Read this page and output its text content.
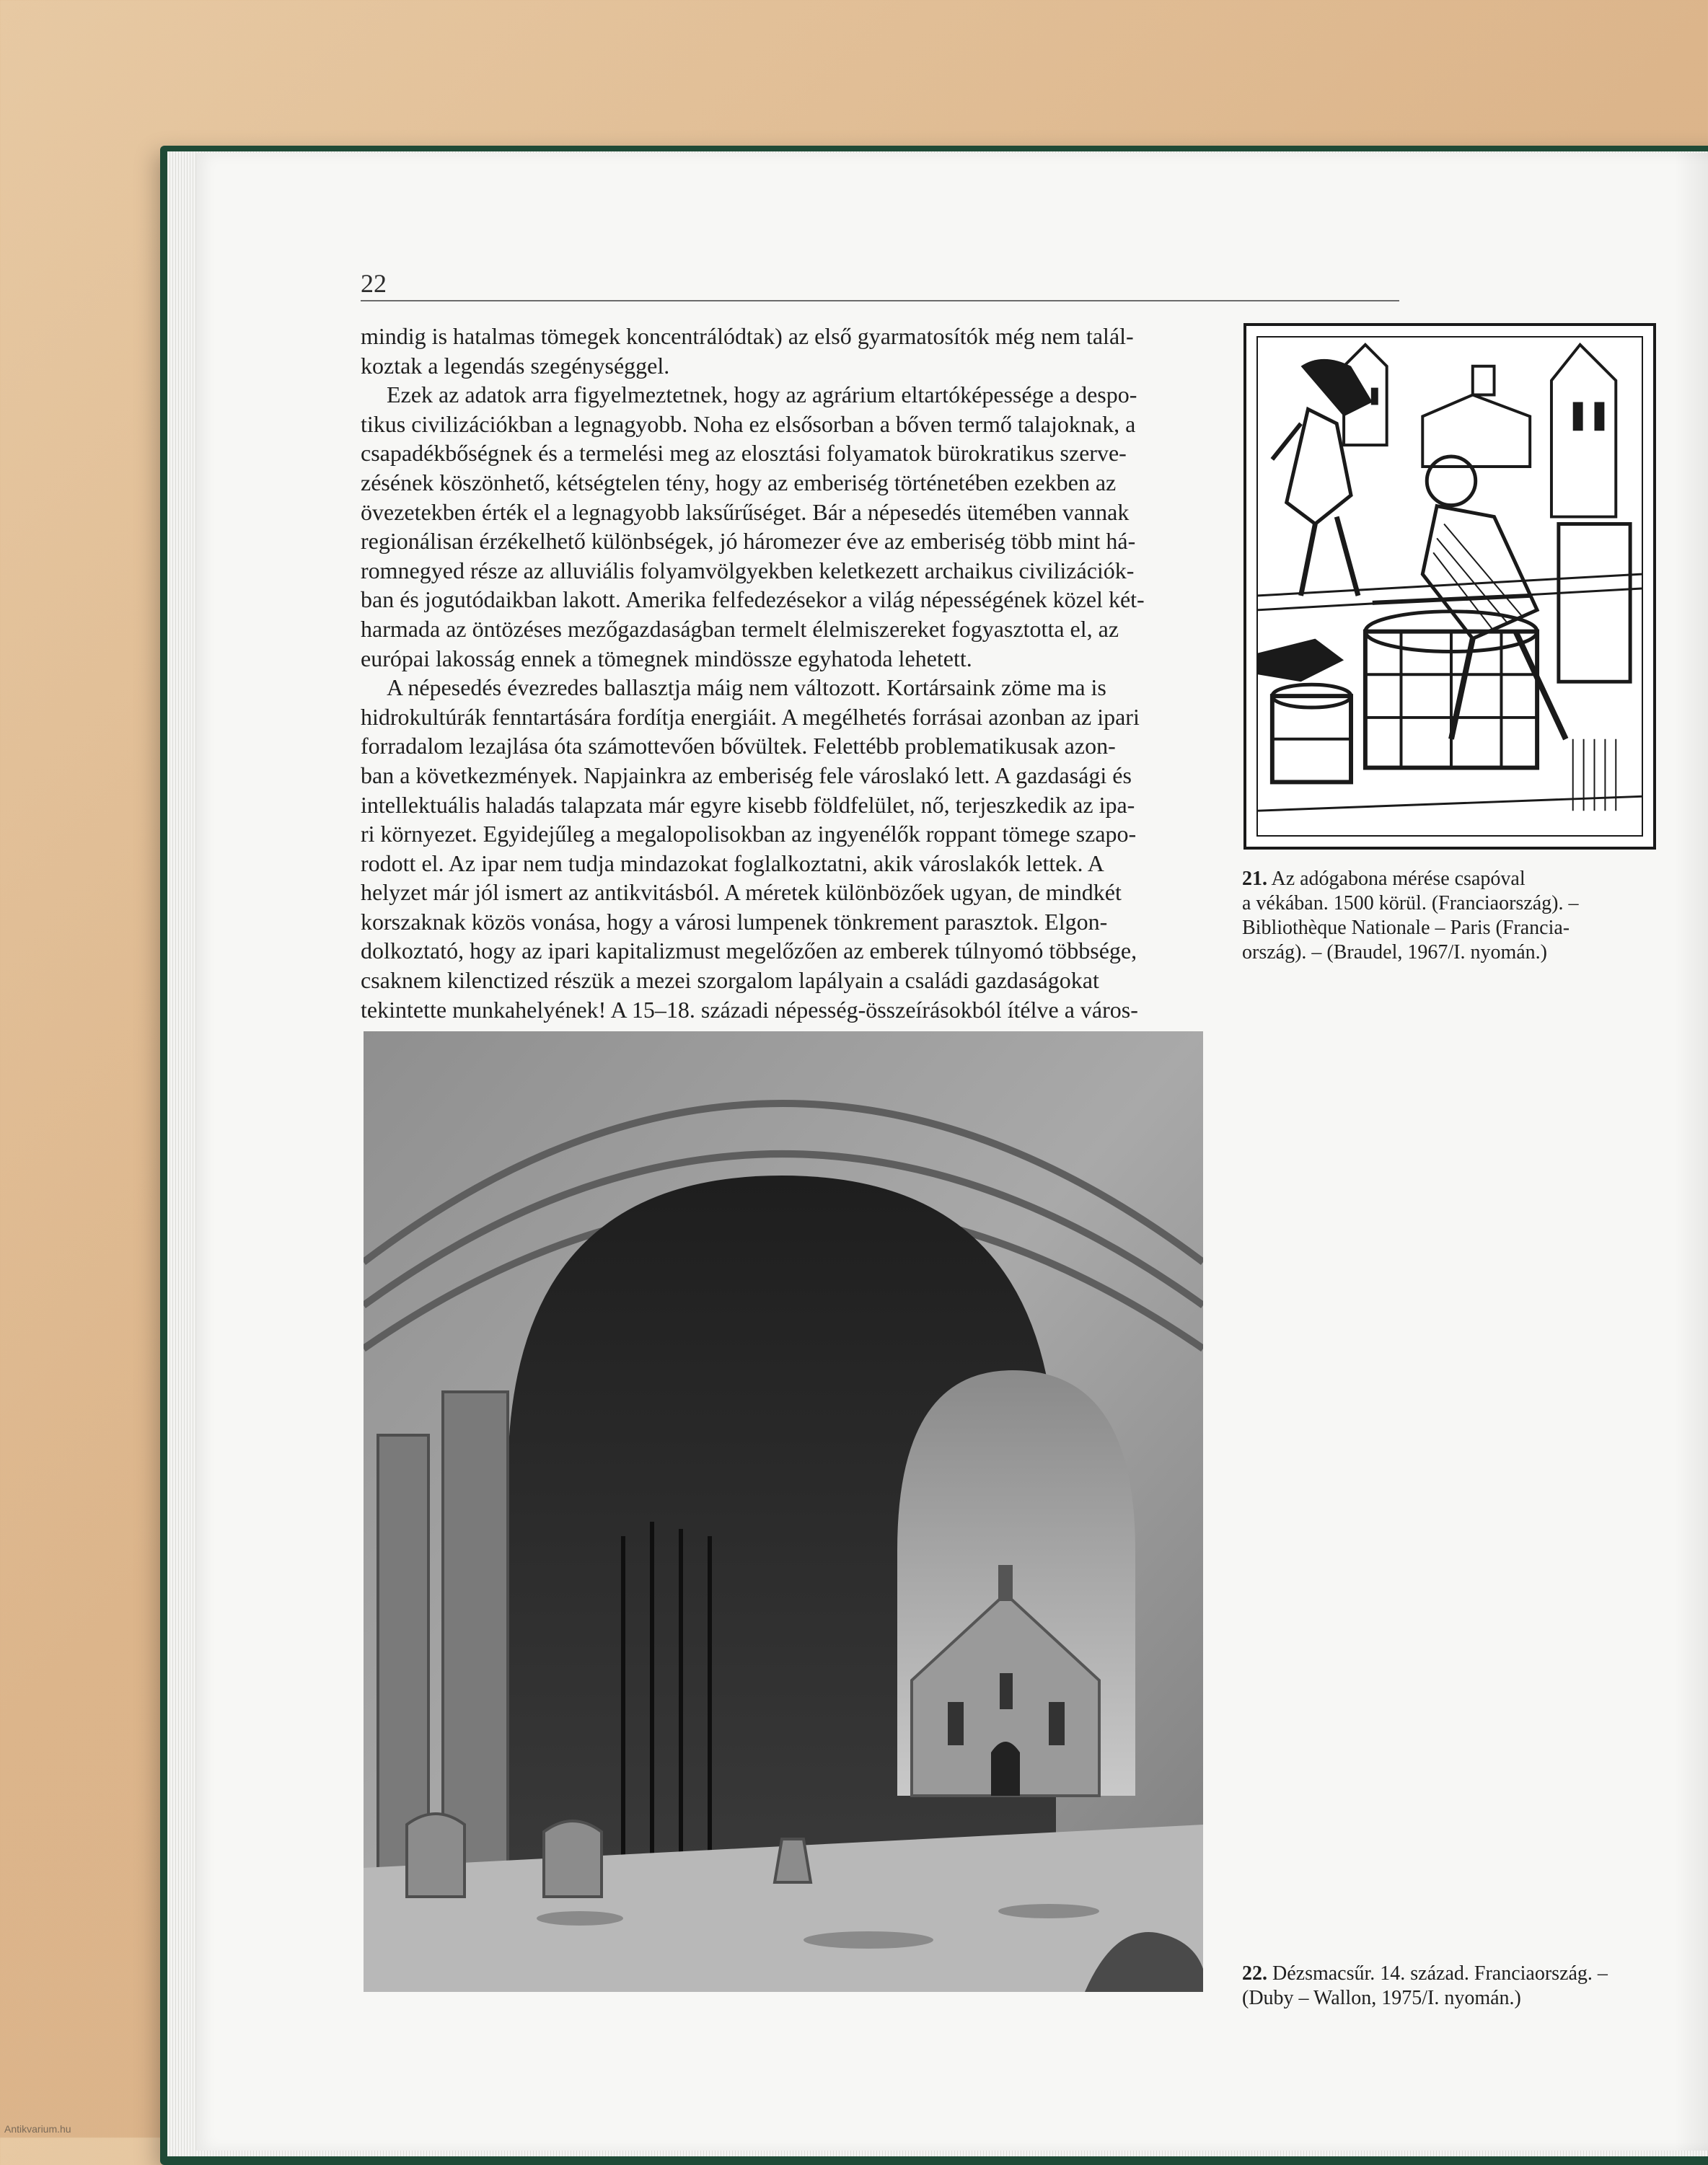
22
mindig is hatalmas tömegek koncentrálódtak) az első gyarmatosítók még nem talál-
koztak a legendás szegénységgel.
Ezek az adatok arra figyelmeztetnek, hogy az agrárium eltartóképessége a despo-
tikus civilizációkban a legnagyobb. Noha ez elsősorban a bőven termő talajoknak, a
csapadékbőségnek és a termelési meg az elosztási folyamatok bürokratikus szerve-
zésének köszönhető, kétségtelen tény, hogy az emberiség történetében ezekben az
övezetekben érték el a legnagyobb laksűrűséget. Bár a népesedés ütemében vannak
regionálisan érzékelhető különbségek, jó háromezer éve az emberiség több mint há-
romnegyed része az alluviális folyamvölgyekben keletkezett archaikus civilizációk-
ban és jogutódaikban lakott. Amerika felfedezésekor a világ népességének közel két-
harmada az öntözéses mezőgazdaságban termelt élelmiszereket fogyasztotta el, az
európai lakosság ennek a tömegnek mindössze egyhatoda lehetett.
A népesedés évezredes ballasztja máig nem változott. Kortársaink zöme ma is
hidrokultúrák fenntartására fordítja energiáit. A megélhetés forrásai azonban az ipari
forradalom lezajlása óta számottevően bővültek. Felettébb problematikusak azon-
ban a következmények. Napjainkra az emberiség fele városlakó lett. A gazdasági és
intellektuális haladás talapzata már egyre kisebb földfelület, nő, terjeszkedik az ipa-
ri környezet. Egyidejűleg a megalopolisokban az ingyenélők roppant tömege szapo-
rodott el. Az ipar nem tudja mindazokat foglalkoztatni, akik városlakók lettek. A
helyzet már jól ismert az antikvitásból. A méretek különbözőek ugyan, de mindkét
korszaknak közös vonása, hogy a városi lumpenek tönkrement parasztok. Elgon-
dolkoztató, hogy az ipari kapitalizmust megelőzően az emberek túlnyomó többsége,
csaknem kilenctized részük a mezei szorgalom lapályain a családi gazdaságokat
tekintette munkahelyének! A 15–18. századi népesség-összeírásokból ítélve a város-
21. Az adógabona mérése csapóval
a vékában. 1500 körül. (Franciaország). –
Bibliothèque Nationale – Paris (Francia-
ország). – (Braudel, 1967/I. nyomán.)
22. Dézsmacsűr. 14. század. Franciaország. –
(Duby – Wallon, 1975/I. nyomán.)
Antikvarium.hu
